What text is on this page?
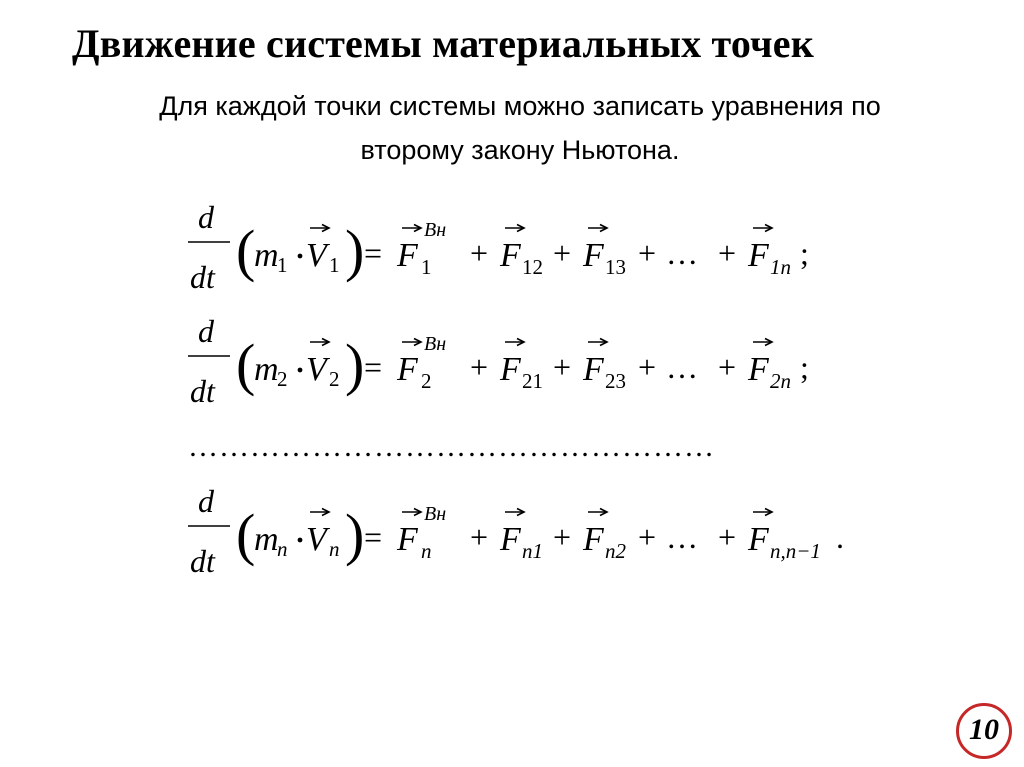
Движение системы материальных точек
Для каждой точки системы можно записать уравнения по
второму закону Ньютона.
d
dt (
m
1 V 1 ) = F
Вн
1 + F 12 + F 13 + … + F 1n ;
d
dt (
m
2 V 2 ) = F
Вн
2 + F 21 + F 23 + … + F 2n ;
……………………………………………
d
dt (
m
n V n ) = F
Вн
n + F n1 + F n2 + … + F n,n−1 .
10
